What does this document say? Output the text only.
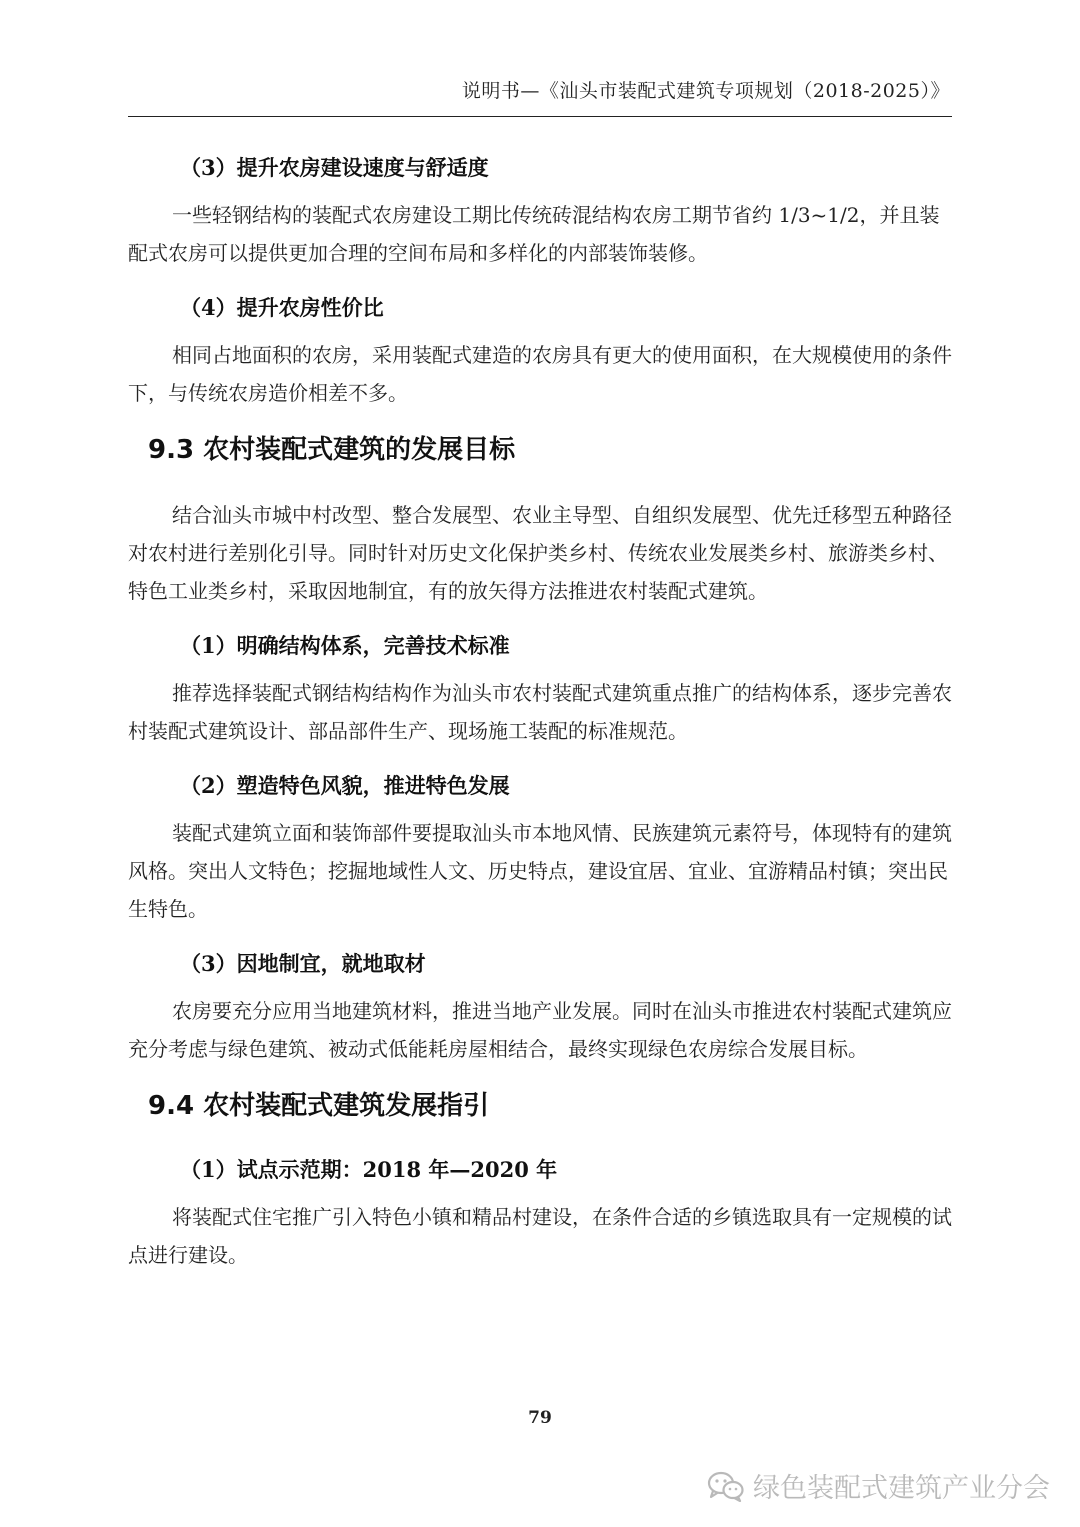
说明书—《汕头市装配式建筑专项规划（2018-2025）》

（3）提升农房建设速度与舒适度

一些轻钢结构的装配式农房建设工期比传统砖混结构农房工期节省约 1/3~1/2，并且装配式农房可以提供更加合理的空间布局和多样化的内部装饰装修。

（4）提升农房性价比

相同占地面积的农房，采用装配式建造的农房具有更大的使用面积，在大规模使用的条件下，与传统农房造价相差不多。

9.3 农村装配式建筑的发展目标

结合汕头市城中村改型、整合发展型、农业主导型、自组织发展型、优先迁移型五种路径对农村进行差别化引导。同时针对历史文化保护类乡村、传统农业发展类乡村、旅游类乡村、特色工业类乡村，采取因地制宜，有的放矢得方法推进农村装配式建筑。

（1）明确结构体系，完善技术标准

推荐选择装配式钢结构结构作为汕头市农村装配式建筑重点推广的结构体系，逐步完善农村装配式建筑设计、部品部件生产、现场施工装配的标准规范。

（2）塑造特色风貌，推进特色发展

装配式建筑立面和装饰部件要提取汕头市本地风情、民族建筑元素符号，体现特有的建筑风格。突出人文特色；挖掘地域性人文、历史特点，建设宜居、宜业、宜游精品村镇；突出民生特色。

（3）因地制宜，就地取材

农房要充分应用当地建筑材料，推进当地产业发展。同时在汕头市推进农村装配式建筑应充分考虑与绿色建筑、被动式低能耗房屋相结合，最终实现绿色农房综合发展目标。

9.4 农村装配式建筑发展指引

（1）试点示范期：2018 年—2020 年

将装配式住宅推广引入特色小镇和精品村建设，在条件合适的乡镇选取具有一定规模的试点进行建设。

79
绿色装配式建筑产业分会
